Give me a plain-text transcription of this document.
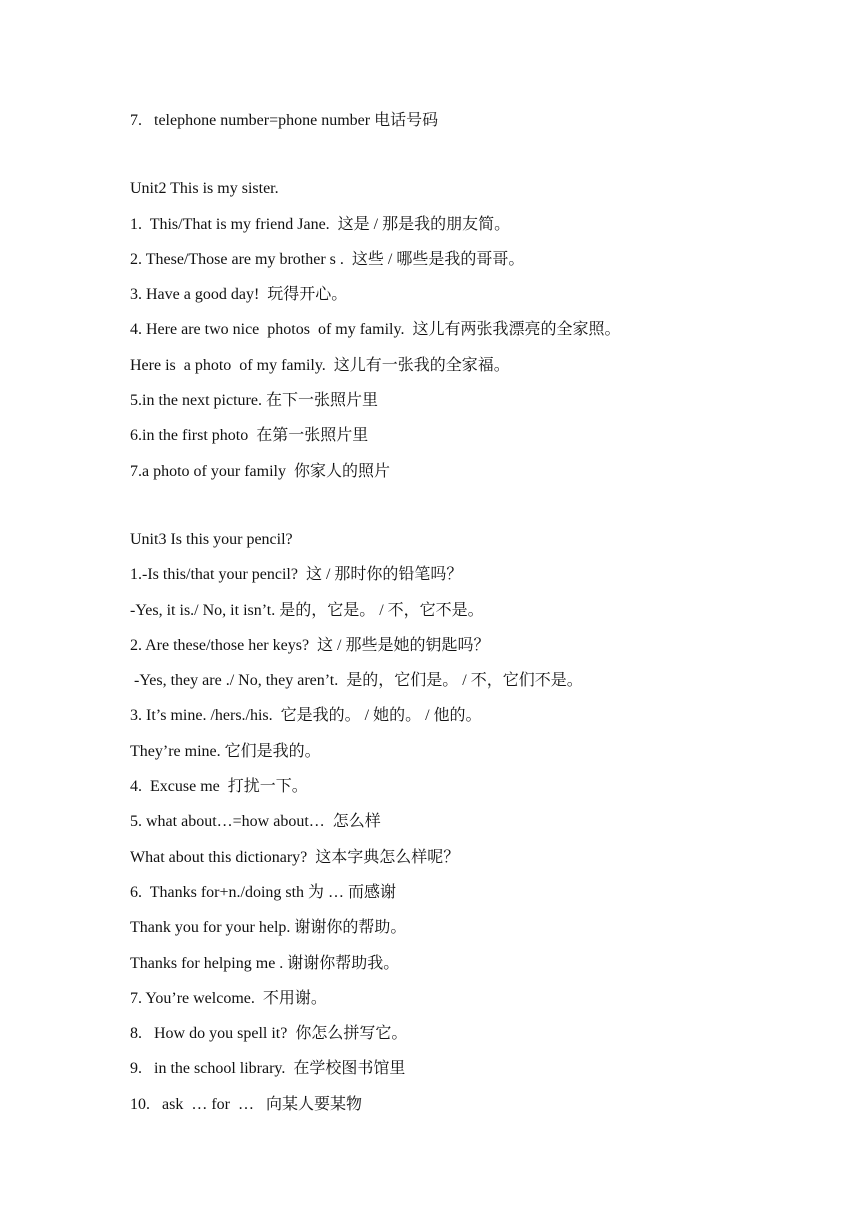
7.   telephone number=phone number 电话号码
Unit2 This is my sister.
1.  This/That is my friend Jane.  这是 / 那是我的朋友简。
2. These/Those are my brother s .  这些 / 哪些是我的哥哥。
3. Have a good day!  玩得开心。
4. Here are two nice  photos  of my family.  这儿有两张我漂亮的全家照。
Here is  a photo  of my family.  这儿有一张我的全家福。
5.in the next picture. 在下一张照片里
6.in the first photo  在第一张照片里
7.a photo of your family  你家人的照片
Unit3 Is this your pencil?
1.-Is this/that your pencil?  这 / 那时你的铅笔吗？
-Yes, it is./ No, it isn’t. 是的，它是。 / 不，它不是。
2. Are these/those her keys?  这 / 那些是她的钥匙吗？
-Yes, they are ./ No, they aren’t.  是的，它们是。 / 不，它们不是。
3. It’s mine. /hers./his.  它是我的。 / 她的。 / 他的。
They’re mine. 它们是我的。
4.  Excuse me  打扰一下。
5. what about…=how about…  怎么样
What about this dictionary?  这本字典怎么样呢？
6.  Thanks for+n./doing sth 为 … 而感谢
Thank you for your help. 谢谢你的帮助。
Thanks for helping me . 谢谢你帮助我。
7. You’re welcome.  不用谢。
8.   How do you spell it?  你怎么拼写它。
9.   in the school library.  在学校图书馆里
10.   ask  … for  …   向某人要某物
